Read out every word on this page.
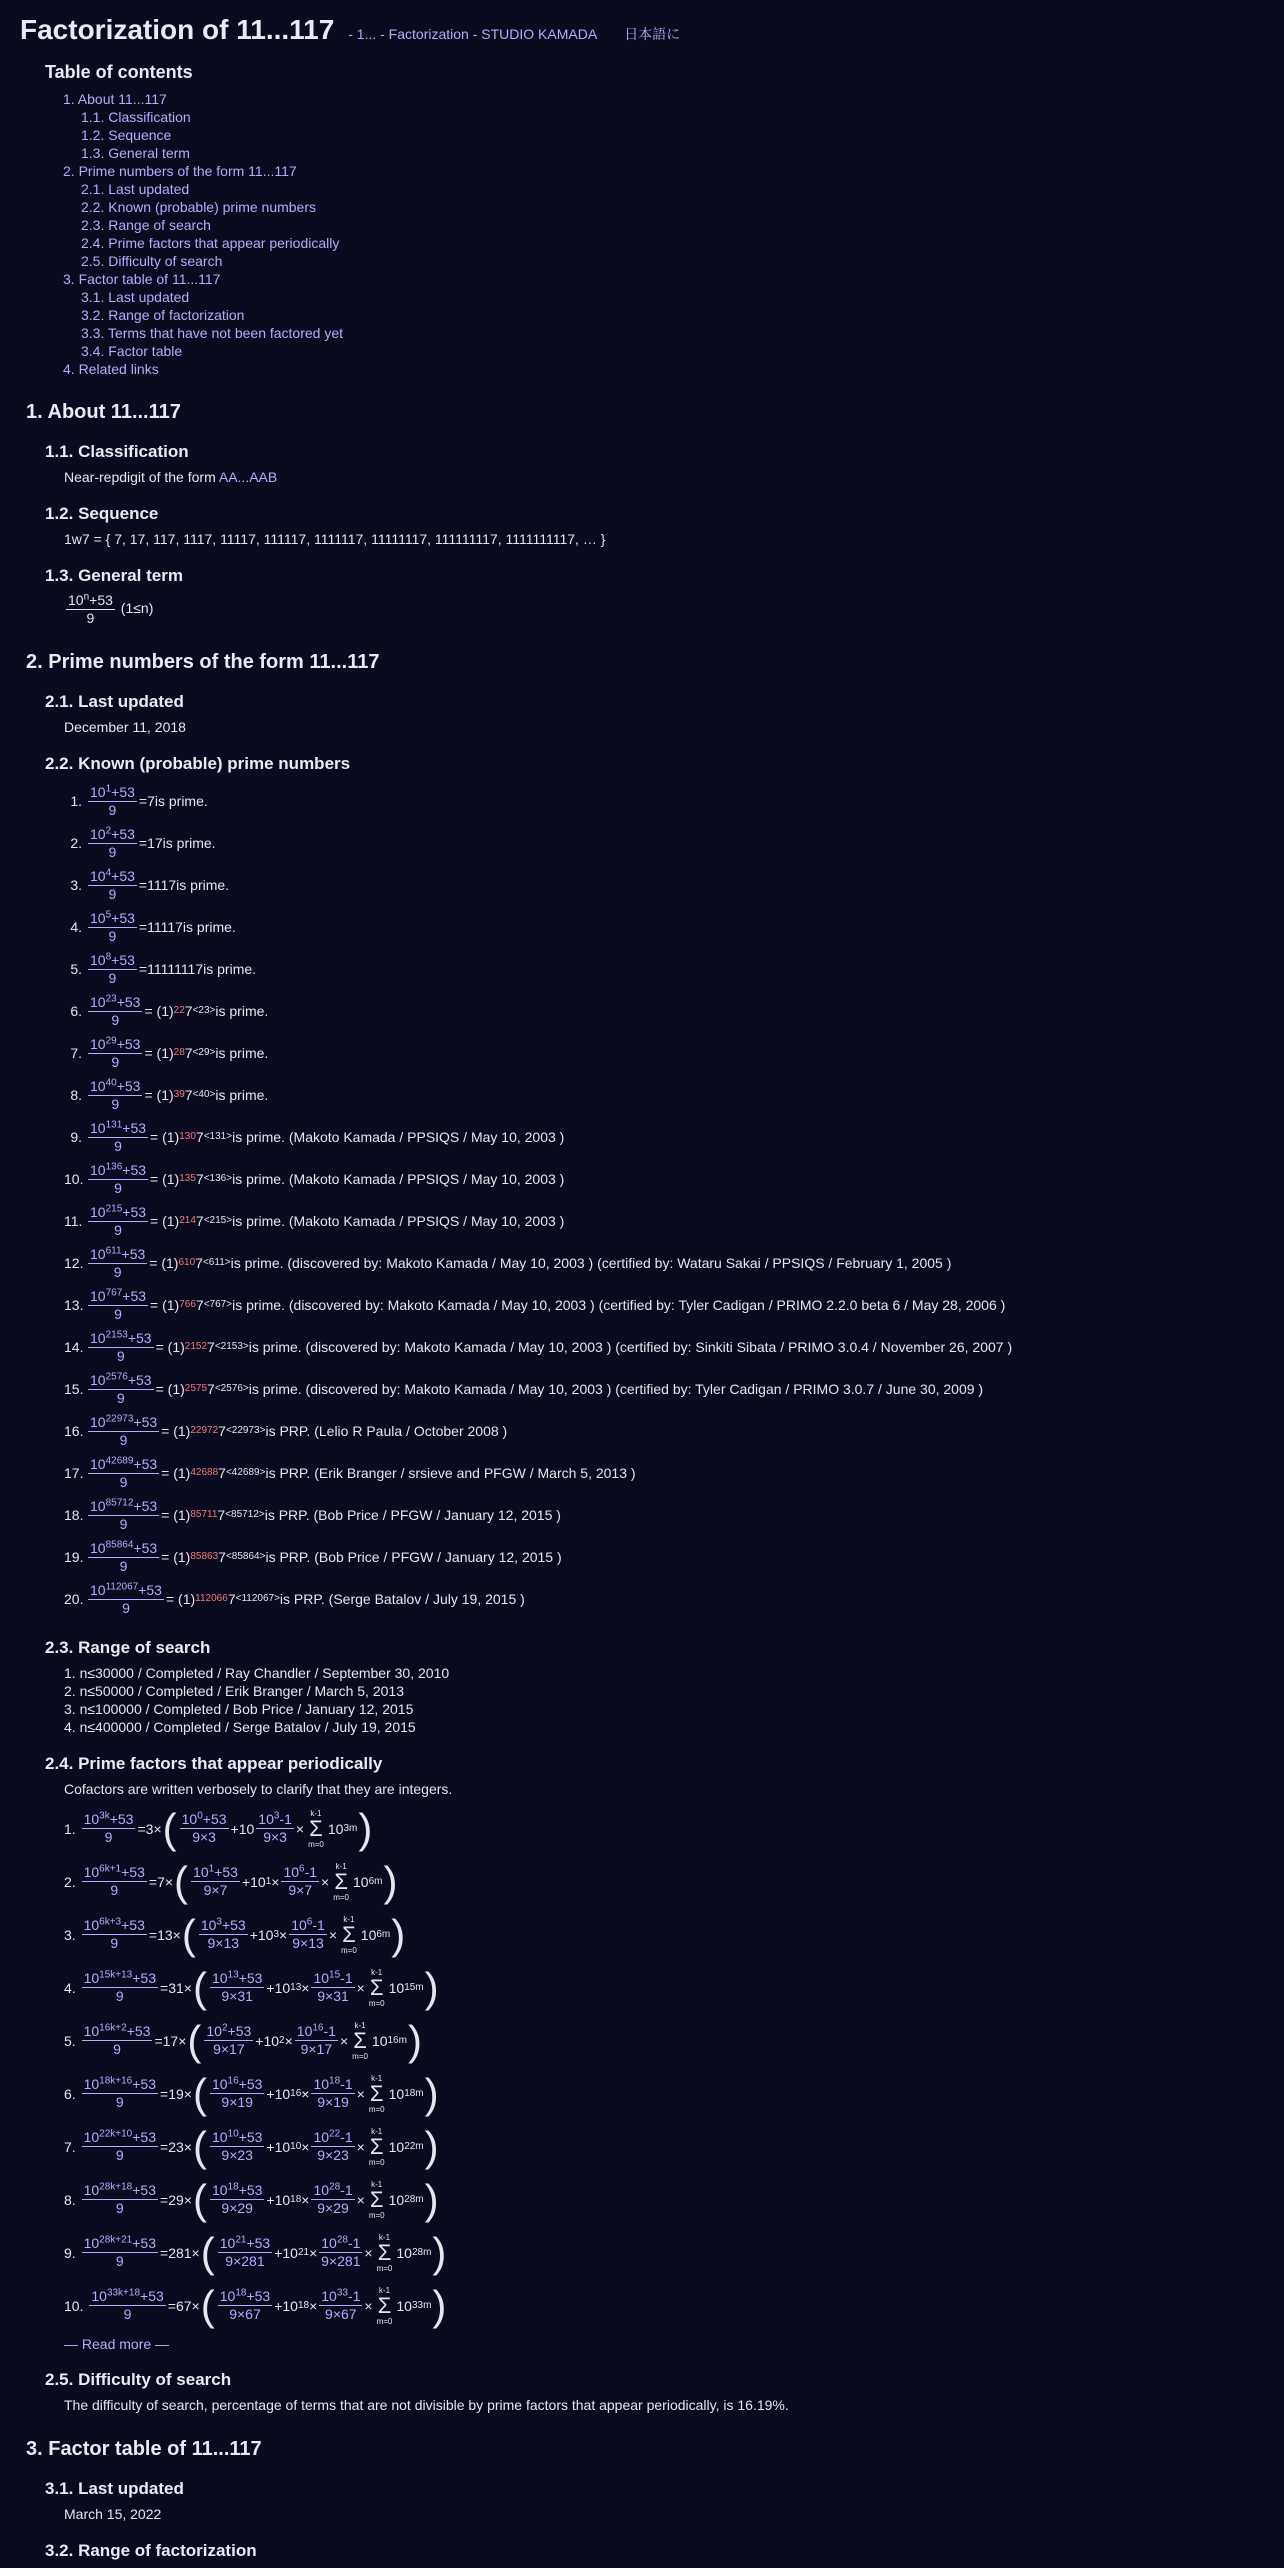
Factorization of 11...117 - 1... - Factorization - STUDIO KAMADA 日本語に
Table of contents
1. About 11...117
1.1. Classification
1.2. Sequence
1.3. General term
2. Prime numbers of the form 11...117
2.1. Last updated
2.2. Known (probable) prime numbers
2.3. Range of search
2.4. Prime factors that appear periodically
2.5. Difficulty of search
3. Factor table of 11...117
3.1. Last updated
3.2. Range of factorization
3.3. Terms that have not been factored yet
3.4. Factor table
4. Related links
1. About 11...117
1.1. Classification
Near-repdigit of the form AA...AAB
1.2. Sequence
1w7 = { 7, 17, 117, 1117, 11117, 111117, 1111117, 11111117, 111111117, 1111111117, … }
1.3. General term
$\frac{10^n+53}{9} (1\le n)$
2. Prime numbers of the form 11...117
2.1. Last updated
December 11, 2018
2.2. Known (probable) prime numbers
1. $\frac{10^1+53}{9} = 7$ is prime.
2. $\frac{10^2+53}{9} = 17$ is prime.
3. $\frac{10^4+53}{9} = 1117$ is prime.
4. $\frac{10^5+53}{9} = 11117$ is prime.
5. $\frac{10^8+53}{9} = 11111117$ is prime.
6. $\frac{10^{23}+53}{9} = (1)$ 22 7 <23> is prime.
7. $\frac{10^{29}+53}{9} = (1)$ 28 7 <29> is prime.
8. $\frac{10^{40}+53}{9} = (1)$ 39 7 <40> is prime.
9. $\frac{10^{131}+53}{9} = (1)$ 130 7 <131> is prime. (Makoto Kamada / PPSIQS / May 10, 2003 )
10. $\frac{10^{136}+53}{9} = (1)$ 135 7 <136> is prime. (Makoto Kamada / PPSIQS / May 10, 2003 )
11. $\frac{10^{215}+53}{9} = (1)$ 214 7 <215> is prime. (Makoto Kamada / PPSIQS / May 10, 2003 )
12. $\frac{10^{611}+53}{9} = (1)$ 610 7 <611> is prime. (discovered by: Makoto Kamada / May 10, 2003 ) (certified by: Wataru Sakai / PPSIQS / February 1, 2005 )
13. $\frac{10^{767}+53}{9} = (1)$ 766 7 <767> is prime. (discovered by: Makoto Kamada / May 10, 2003 ) (certified by: Tyler Cadigan / PRIMO 2.2.0 beta 6 / May 28, 2006 )
14. $\frac{10^{2153}+53}{9} = (1)$ 2152 7 <2153> is prime. (discovered by: Makoto Kamada / May 10, 2003 ) (certified by: Sinkiti Sibata / PRIMO 3.0.4 / November 26, 2007 )
15. $\frac{10^{2576}+53}{9} = (1)$ 2575 7 <2576> is prime. (discovered by: Makoto Kamada / May 10, 2003 ) (certified by: Tyler Cadigan / PRIMO 3.0.7 / June 30, 2009 )
16. $\frac{10^{22973}+53}{9} = (1)$ 22972 7 <22973> is PRP. (Lelio R Paula / October 2008 )
17. $\frac{10^{42689}+53}{9} = (1)$ 42688 7 <42689> is PRP. (Erik Branger / srsieve and PFGW / March 5, 2013 )
18. $\frac{10^{85712}+53}{9} = (1)$ 85711 7 <85712> is PRP. (Bob Price / PFGW / January 12, 2015 )
19. $\frac{10^{85864}+53}{9} = (1)$ 85863 7 <85864> is PRP. (Bob Price / PFGW / January 12, 2015 )
20. $\frac{10^{112067}+53}{9} = (1)$ 112066 7 <112067> is PRP. (Serge Batalov / July 19, 2015 )
2.3. Range of search
1. n≤30000 / Completed / Ray Chandler / September 30, 2010
2. n≤50000 / Completed / Erik Branger / March 5, 2013
3. n≤100000 / Completed / Bob Price / January 12, 2015
4. n≤400000 / Completed / Serge Batalov / July 19, 2015
2.4. Prime factors that appear periodically
Cofactors are written verbosely to clarify that they are integers.
1.
$\frac{10^{3k}+53}{9} = 3$ × ( $\frac{10^0+53}{9\times 3} +10 \frac{10^3-1}{9\times 3}$ ×
k-1
Σ
m=0
10 3m )
2.
$\frac{10^{6k+1}+53}{9} = 7$ × ( $\frac{10^1+53}{9\times 7} +10$ $1 \times \frac{10^6-1}{9\times 7}$ ×
k-1
Σ
m=0
10 6m )
3.
$\frac{10^{6k+3}+53}{9} = 13$ × ( $\frac{10^3+53}{9\times 13} +10$ $3 \times \frac{10^6-1}{9\times 13}$ ×
k-1
Σ
m=0
10 6m )
4.
$\frac{10^{15k+13}+53}{9} = 31$ × ( $\frac{10^{13}+53}{9\times 31} +10$ $13 \times \frac{10^{15}-1}{9\times 31}$ ×
k-1
Σ
m=0
10 15m )
5.
$\frac{10^{16k+2}+53}{9} = 17$ × ( $\frac{10^2+53}{9\times 17} +10$ $2 \times \frac{10^{16}-1}{9\times 17}$ ×
k-1
Σ
m=0
10 16m )
6.
$\frac{10^{18k+16}+53}{9} = 19$ × ( $\frac{10^{16}+53}{9\times 19} +10$ $16 \times \frac{10^{18}-1}{9\times 19}$ ×
k-1
Σ
m=0
10 18m )
7.
$\frac{10^{22k+10}+53}{9} = 23$ × ( $\frac{10^{10}+53}{9\times 23} +10$ $10 \times \frac{10^{22}-1}{9\times 23}$ ×
k-1
Σ
m=0
10 22m )
8.
$\frac{10^{28k+18}+53}{9} = 29$ × ( $\frac{10^{18}+53}{9\times 29} +10$ $18 \times \frac{10^{28}-1}{9\times 29}$ ×
k-1
Σ
m=0
10 28m )
9.
$\frac{10^{28k+21}+53}{9} = 281$ × ( $\frac{10^{21}+53}{9\times 281} +10$ $21 \times \frac{10^{28}-1}{9\times 281}$ ×
k-1
Σ
m=0
10 28m )
10.
$\frac{10^{33k+18}+53}{9} = 67$ × ( $\frac{10^{18}+53}{9\times 67} +10$ $18 \times \frac{10^{33}-1}{9\times 67}$ ×
k-1
Σ
m=0
10 33m )
— Read more —
2.5. Difficulty of search
The difficulty of search, percentage of terms that are not divisible by prime factors that appear periodically, is 16.19%.
3. Factor table of 11...117
3.1. Last updated
March 15, 2022
3.2. Range of factorization
